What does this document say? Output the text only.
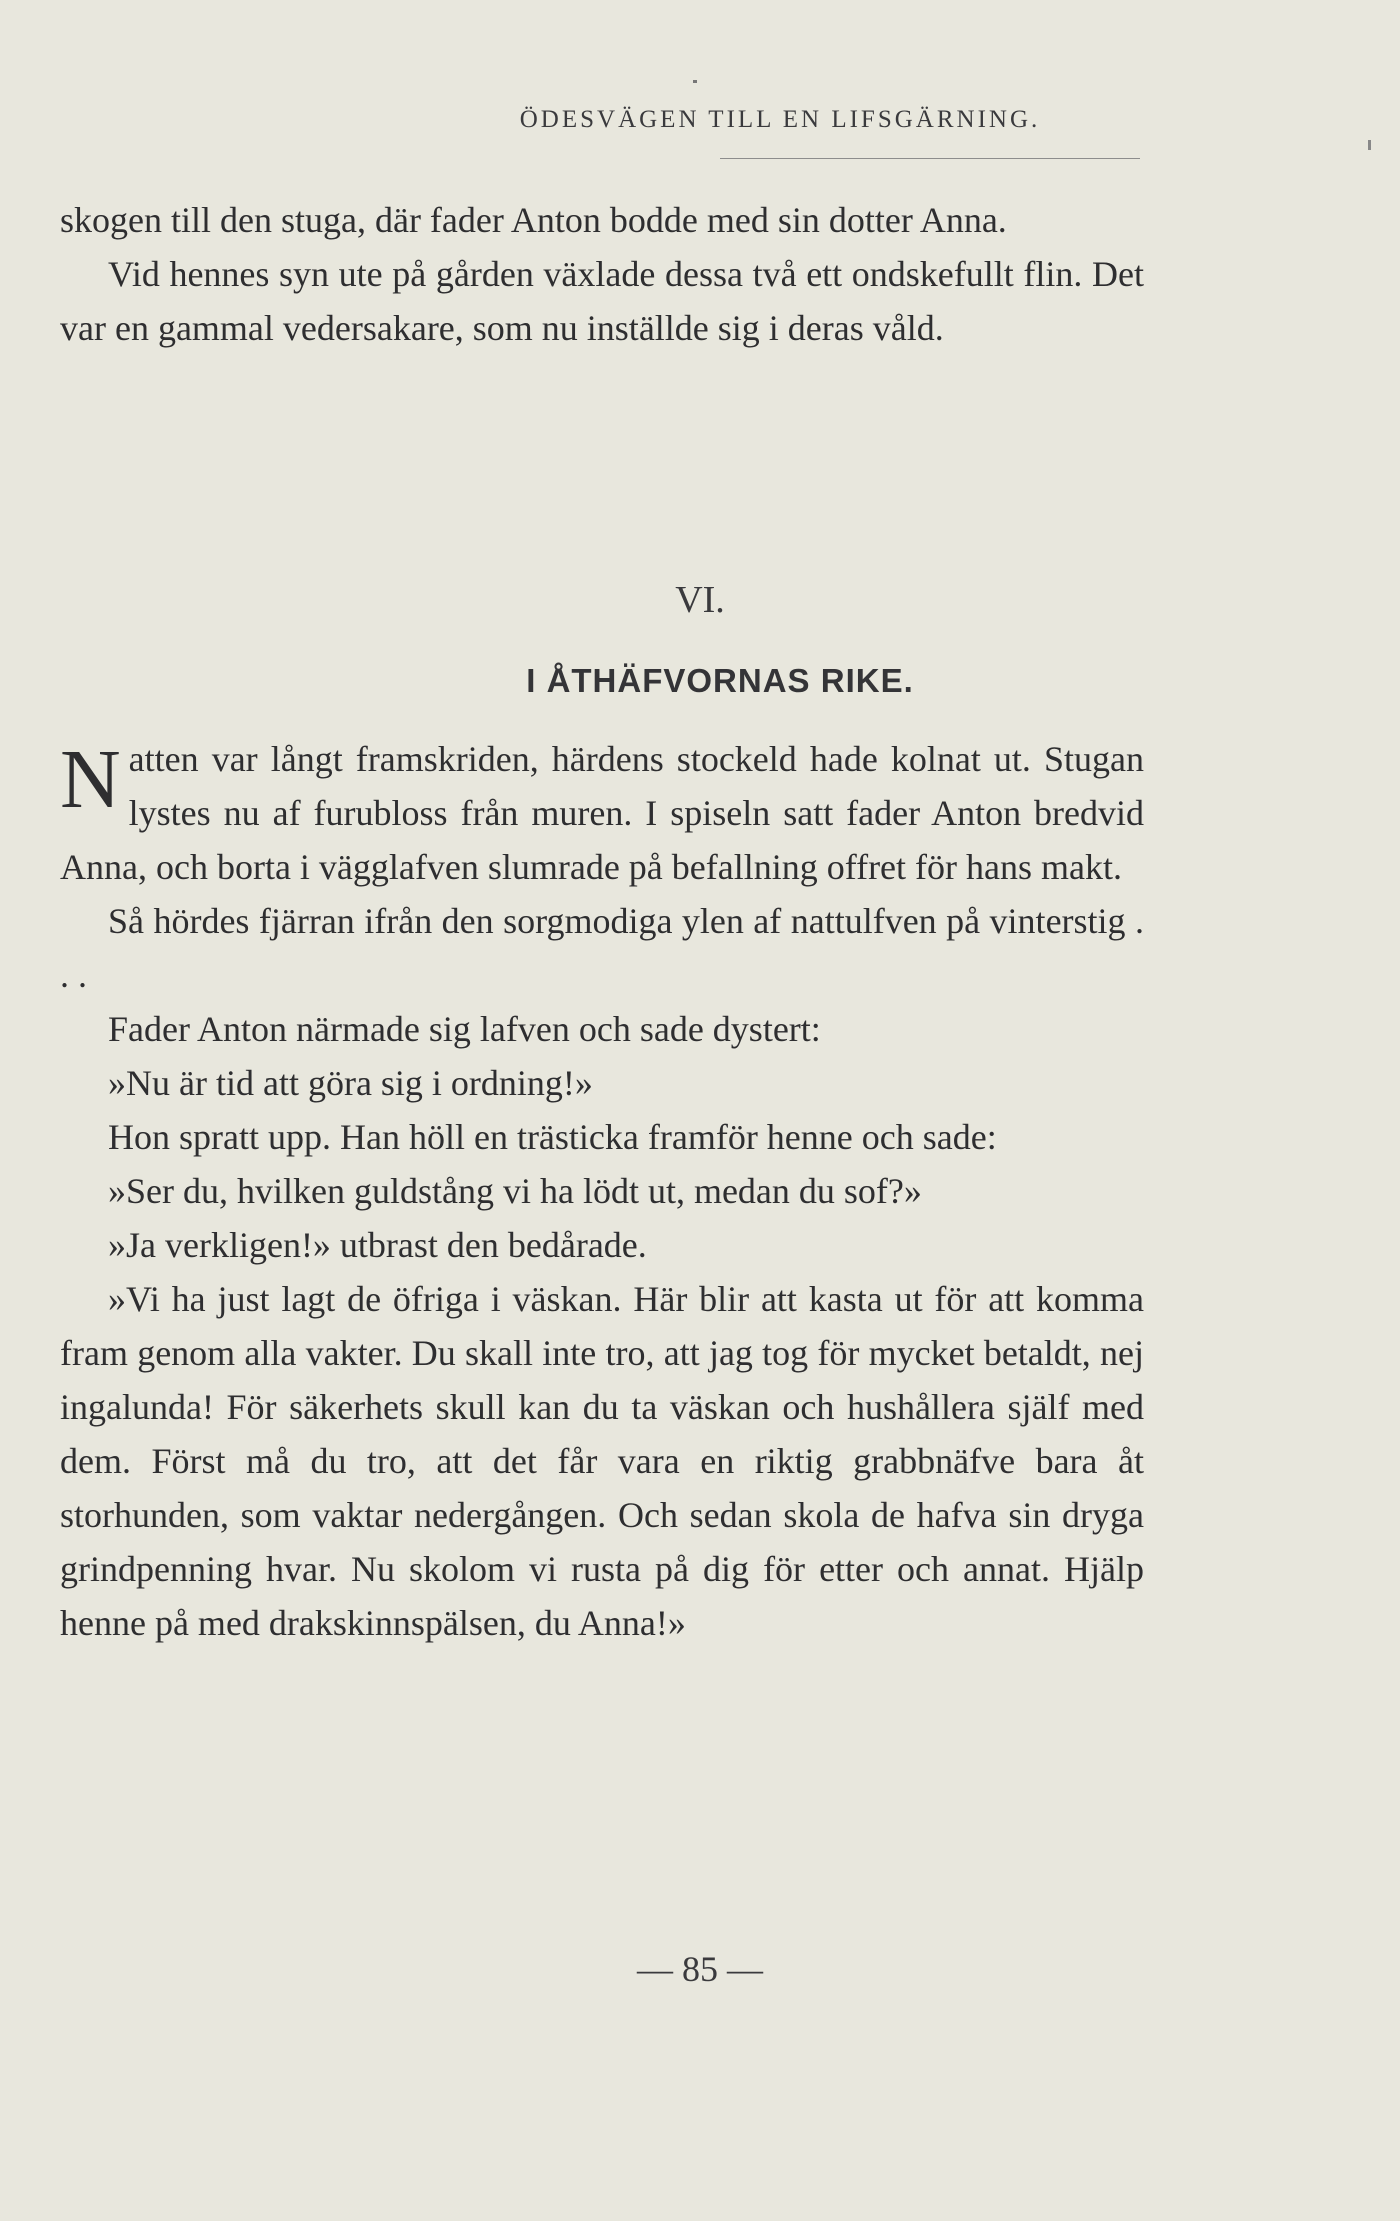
ÖDESVÄGEN TILL EN LIFSGÄRNING.

skogen till den stuga, där fader Anton bodde med sin dotter Anna.

Vid hennes syn ute på gården växlade dessa två ett ondskefullt flin. Det var en gammal vedersakare, som nu inställde sig i deras våld.

VI.
I ÅTHÄFVORNAS RIKE.

Natten var långt framskriden, härdens stockeld hade kolnat ut. Stugan lystes nu af furubloss från muren. I spiseln satt fader Anton bredvid Anna, och borta i vägglafven slumrade på befallning offret för hans makt.

Så hördes fjärran ifrån den sorgmodiga ylen af nattulfven på vinterstig . . .

Fader Anton närmade sig lafven och sade dystert:

»Nu är tid att göra sig i ordning!»

Hon spratt upp. Han höll en trästicka framför henne och sade:

»Ser du, hvilken guldstång vi ha lödt ut, medan du sof?»

»Ja verkligen!» utbrast den bedårade.

»Vi ha just lagt de öfriga i väskan. Här blir att kasta ut för att komma fram genom alla vakter. Du skall inte tro, att jag tog för mycket betaldt, nej ingalunda! För säkerhets skull kan du ta väskan och hushållera själf med dem. Först må du tro, att det får vara en riktig grabbnäfve bara åt storhunden, som vaktar nedergången. Och sedan skola de hafva sin dryga grindpenning hvar. Nu skolom vi rusta på dig för etter och annat. Hjälp henne på med drakskinnspälsen, du Anna!»

— 85 —
